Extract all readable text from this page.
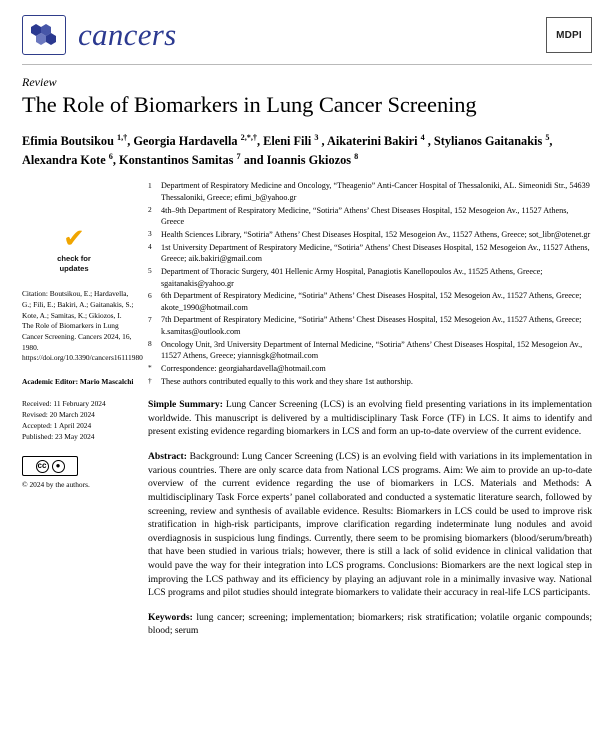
cancers	MDPI
Review
The Role of Biomarkers in Lung Cancer Screening
Efimia Boutsikou $^{1,\dagger}$, Georgia Hardavella $^{2,*,\dagger}$, Eleni Fili $^3$ , Aikaterini Bakiri $^4$ , Stylianos Gaitanakis $^5$,
Alexandra Kote $^6$, Konstantinos Samitas $^7$ and Ioannis Gkiozos $^8$
✔
check for
updates
Citation: Boutsikou, E.; Hardavella, G.; Fili, E.; Bakiri, A.; Gaitanakis, S.; Kote, A.; Samitas, K.; Gkiozos, I. The Role of Biomarkers in Lung Cancer Screening. Cancers 2024, 16, 1980.
https://doi.org/10.3390/cancers16111980
Academic Editor: Mario Mascalchi
Received: 11 February 2024
Revised: 20 March 2024
Accepted: 1 April 2024
Published: 23 May 2024
cc	●
© 2024 by the authors.
1	Department of Respiratory Medicine and Oncology, “Theagenio” Anti-Cancer Hospital of Thessaloniki, AL. Simeonidi Str., 54639 Thessaloniki, Greece; efimi_b@yahoo.gr
2	4th–9th Department of Respiratory Medicine, “Sotiria” Athens’ Chest Diseases Hospital, 152 Mesogeion Av., 11527 Athens, Greece
3	Health Sciences Library, “Sotiria” Athens’ Chest Diseases Hospital, 152 Mesogeion Av., 11527 Athens, Greece; sot_libr@otenet.gr
4	1st University Department of Respiratory Medicine, “Sotiria” Athens’ Chest Diseases Hospital, 152 Mesogeion Av., 11527 Athens, Greece; aik.bakiri@gmail.com
5	Department of Thoracic Surgery, 401 Hellenic Army Hospital, Panagiotis Kanellopoulos Av., 11525 Athens, Greece; sgaitanakis@yahoo.gr
6	6th Department of Respiratory Medicine, “Sotiria” Athens’ Chest Diseases Hospital, 152 Mesogeion Av., 11527 Athens, Greece; akote_1990@hotmail.com
7	7th Department of Respiratory Medicine, “Sotiria” Athens’ Chest Diseases Hospital, 152 Mesogeion Av., 11527 Athens, Greece; k.samitas@outlook.com
8	Oncology Unit, 3rd University Department of Internal Medicine, “Sotiria” Athens’ Chest Diseases Hospital, 152 Mesogeion Av., 11527 Athens, Greece; yiannisgk@hotmail.com
*	Correspondence: georgiahardavella@hotmail.com
†	These authors contributed equally to this work and they share 1st authorship.
Simple Summary: Lung Cancer Screening (LCS) is an evolving field presenting variations in its implementation worldwide. This manuscript is delivered by a multidisciplinary Task Force (TF) in LCS. It aims to identify and present existing evidence regarding biomarkers in LCS and form an up-to-date overview of the current evidence.
Abstract: Background: Lung Cancer Screening (LCS) is an evolving field with variations in its implementation in various countries. There are only scarce data from National LCS programs. Aim: We aim to provide an up-to-date overview of the current evidence regarding the use of biomarkers in LCS. Materials and Methods: A multidisciplinary Task Force experts’ panel collaborated and conducted a systematic literature search, followed by screening, review and synthesis of available evidence. Results: Biomarkers in LCS could be used to improve risk stratification in high-risk participants, improve clarification regarding indeterminate lung nodules and avoid overdiagnosis in suspicious lung findings. Currently, there seem to be promising biomarkers (blood/serum/breath) that have been studied in various trials; however, there is still a lack of solid evidence in clinical validation that would pave the way for their integration into LCS programs. Conclusions: Biomarkers are the next logical step in improving the LCS pathway and its efficiency by playing an adjuvant role in a minimally invasive way. National LCS programs and pilot studies should integrate biomarkers to validate their accuracy in real-life LCS participants.
Keywords: lung cancer; screening; implementation; biomarkers; risk stratification; volatile organic compounds; blood; serum
